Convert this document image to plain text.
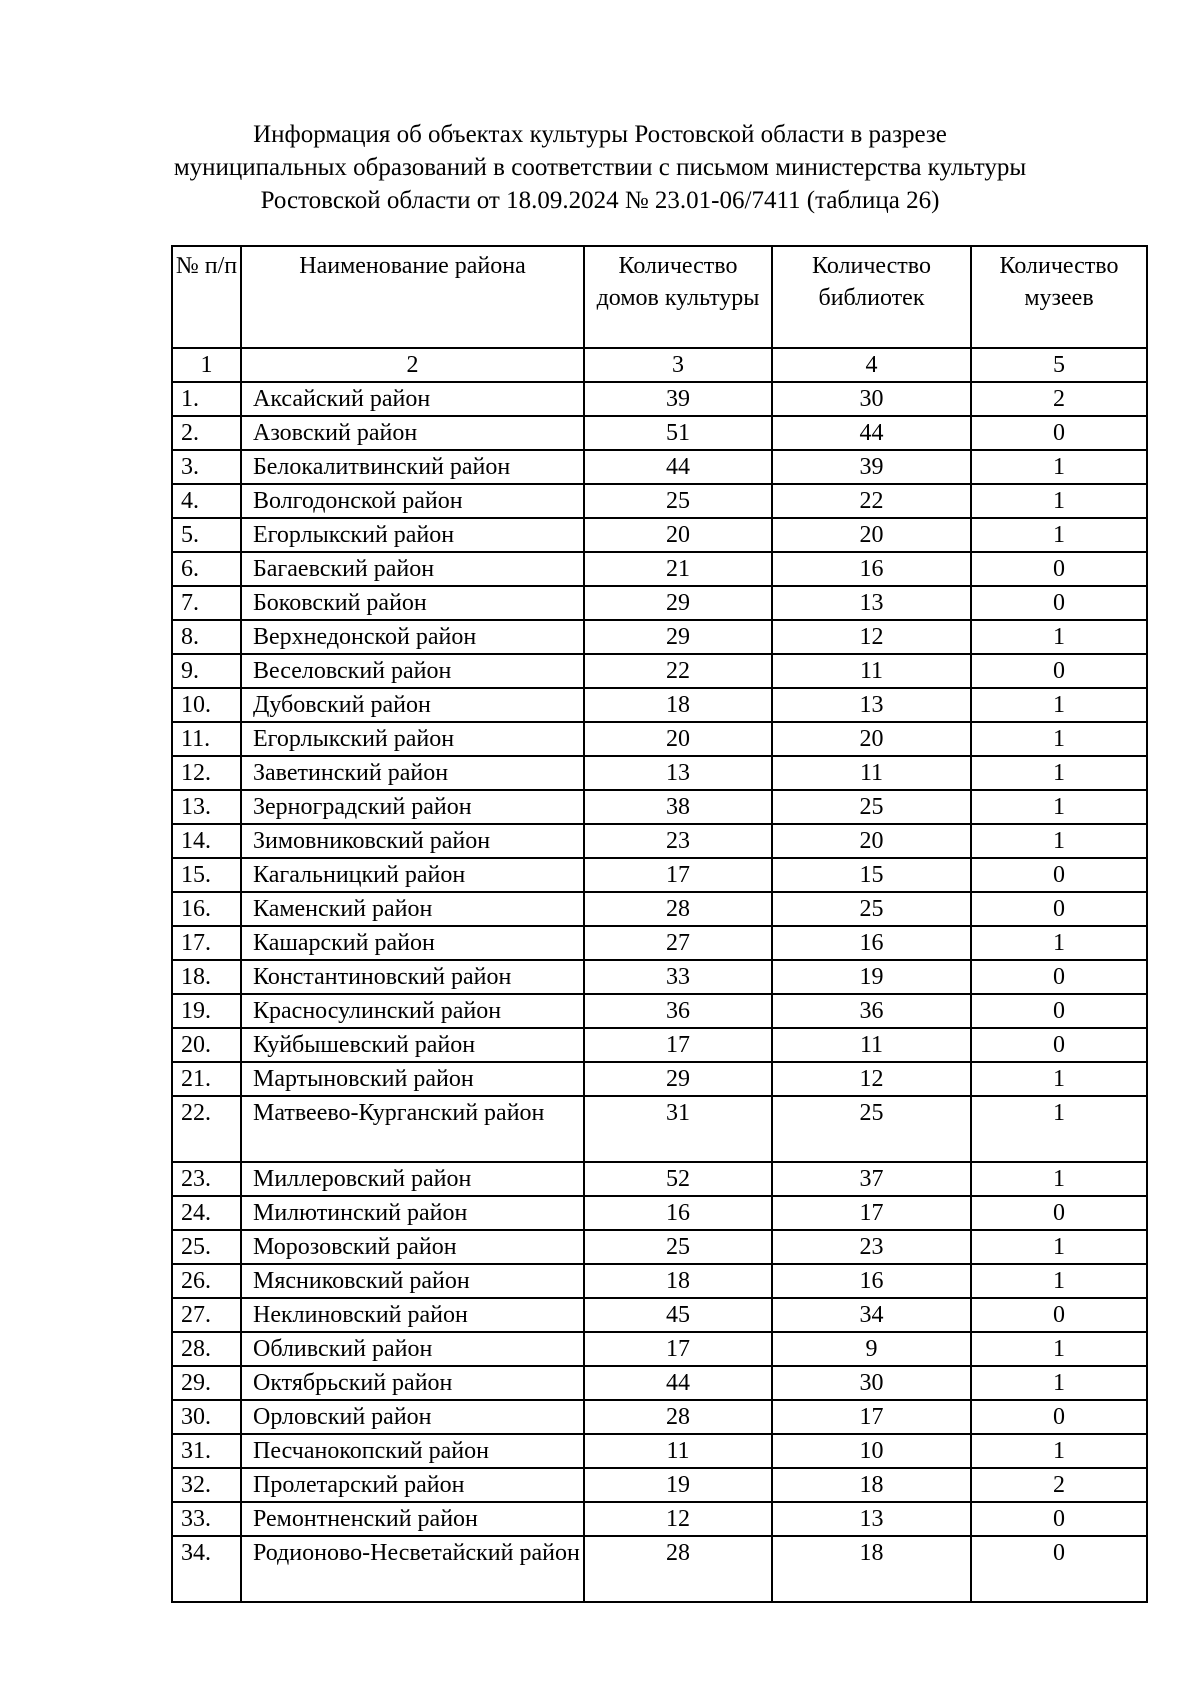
Информация об объектах культуры Ростовской области в разрезе
муниципальных образований в соответствии с письмом министерства культуры
Ростовской области от 18.09.2024 № 23.01-06/7411 (таблица 26)
№ п/п	Наименование района	Количество домов культуры	Количество библиотек	Количество музеев
1	2	3	4	5
1.	Аксайский район	39	30	2
2.	Азовский район	51	44	0
3.	Белокалитвинский район	44	39	1
4.	Волгодонской район	25	22	1
5.	Егорлыкский район	20	20	1
6.	Багаевский район	21	16	0
7.	Боковский район	29	13	0
8.	Верхнедонской район	29	12	1
9.	Веселовский район	22	11	0
10.	Дубовский район	18	13	1
11.	Егорлыкский район	20	20	1
12.	Заветинский район	13	11	1
13.	Зерноградский район	38	25	1
14.	Зимовниковский район	23	20	1
15.	Кагальницкий район	17	15	0
16.	Каменский район	28	25	0
17.	Кашарский район	27	16	1
18.	Константиновский район	33	19	0
19.	Красносулинский район	36	36	0
20.	Куйбышевский район	17	11	0
21.	Мартыновский район	29	12	1
22.	Матвеево-Курганский район	31	25	1
23.	Миллеровский район	52	37	1
24.	Милютинский район	16	17	0
25.	Морозовский район	25	23	1
26.	Мясниковский район	18	16	1
27.	Неклиновский район	45	34	0
28.	Обливский район	17	9	1
29.	Октябрьский район	44	30	1
30.	Орловский район	28	17	0
31.	Песчанокопский район	11	10	1
32.	Пролетарский район	19	18	2
33.	Ремонтненский район	12	13	0
34.	Родионово-Несветайский район	28	18	0
